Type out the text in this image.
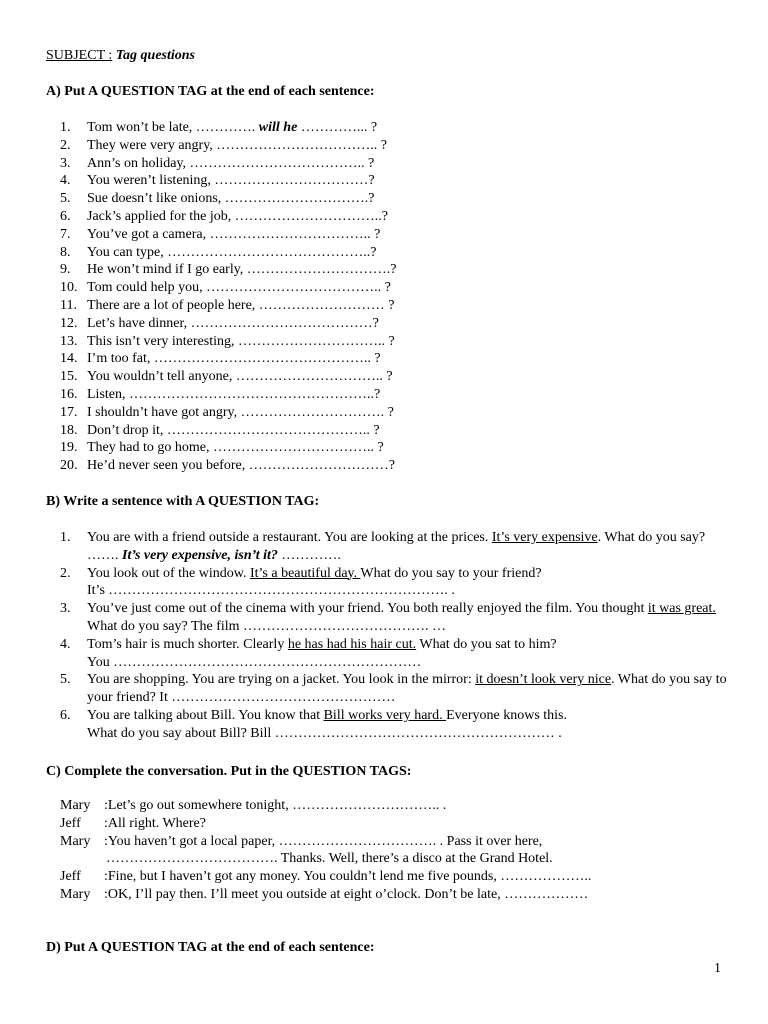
SUBJECT : Tag questions
A) Put A QUESTION TAG at the end of each sentence:
1.	Tom won’t be late, …………. will he …………... ?
2.	They were very angry, …………………………….. ?
3.	Ann’s on holiday, ……………………………….. ?
4.	You weren’t listening, ……………………………?
5.	Sue doesn’t like onions, ………………………….?
6.	Jack’s applied for the job, …………………………..?
7.	You’ve got a camera, …………………………….. ?
8.	You can type, ……………………………………..?
9.	He won’t mind if I go early, ………………………….?
10. Tom could help you, ……………………………….. ?
11. There are a lot of people here, ……………………… ?
12. Let’s have dinner, …………………………………?
13. This isn’t very interesting, ………………………….. ?
14. I’m too fat, ……………………………………….. ?
15. You wouldn’t tell anyone, ………………………….. ?
16. Listen, ……………………………………………..?
17. I shouldn’t have got angry, …………………………. ?
18. Don’t drop it, …………………………………….. ?
19. They had to go home, …………………………….. ?
20. He’d never seen you before, …………………………?
B) Write a sentence with A QUESTION TAG:
1.	You are with a friend outside a restaurant. You are looking at the prices. It’s very expensive. What do you say? ……. It’s very expensive, isn’t it? ………….
2.	You look out of the window. It’s a beautiful day. What do you say to your friend?
It’s ………………………………………………………………. .
3.	You’ve just come out of the cinema with your friend. You both really enjoyed the film. You thought it was great. What do you say? The film …………………………………. …
4.	Tom’s hair is much shorter. Clearly he has had his hair cut. What do you sat to him?
You …………………………………………………………
5.	You are shopping. You are trying on a jacket. You look in the mirror: it doesn’t look very nice. What do you say to your friend? It …………………………………………
6.	You are talking about Bill. You know that Bill works very hard. Everyone knows this.
What do you say about Bill? Bill …………………………………………………… .
C) Complete the conversation. Put in the QUESTION TAGS:
Mary : Let’s go out somewhere tonight, ………………………….. .
Jeff	: All right. Where?
Mary : You haven’t got a local paper, ……………………………. . Pass it over here,
………………………………. Thanks. Well, there’s a disco at the Grand Hotel.
Jeff	: Fine, but I haven’t got any money. You couldn’t lend me five pounds, ………………..
Mary : OK, I’ll pay then. I’ll meet you outside at eight o’clock. Don’t be late, ………………
D) Put A QUESTION TAG at the end of each sentence:
1
